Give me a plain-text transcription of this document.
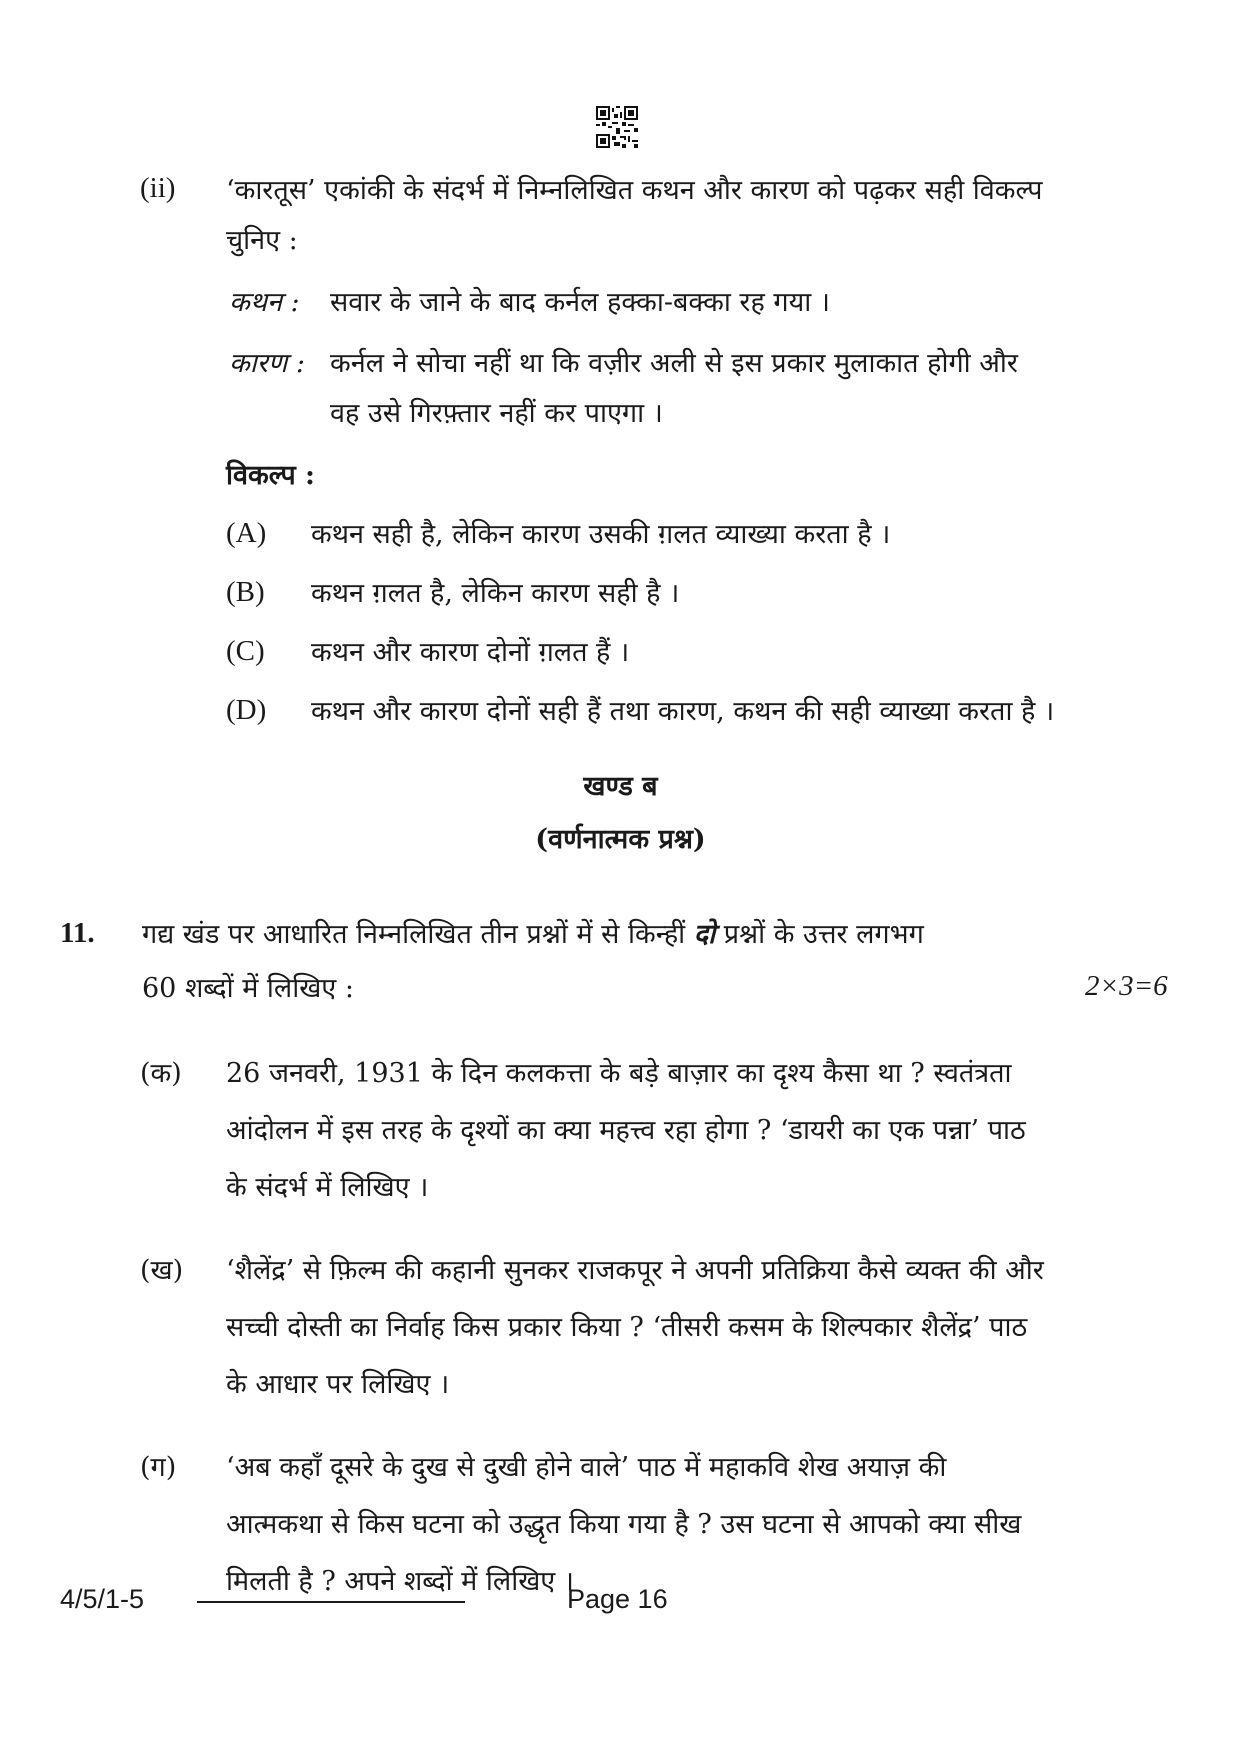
(ii) ‘कारतूस’ एकांकी के संदर्भ में निम्नलिखित कथन और कारण को पढ़कर सही विकल्प
चुनिए :
कथन : सवार के जाने के बाद कर्नल हक्का-बक्का रह गया ।
कारण : कर्नल ने सोचा नहीं था कि वज़ीर अली से इस प्रकार मुलाकात होगी और
वह उसे गिरफ़्तार नहीं कर पाएगा ।
विकल्प :
(A) कथन सही है, लेकिन कारण उसकी ग़लत व्याख्या करता है ।
(B) कथन ग़लत है, लेकिन कारण सही है ।
(C) कथन और कारण दोनों ग़लत हैं ।
(D) कथन और कारण दोनों सही हैं तथा कारण, कथन की सही व्याख्या करता है ।
खण्ड ब
(वर्णनात्मक प्रश्न)
11. गद्य खंड पर आधारित निम्नलिखित तीन प्रश्नों में से किन्हीं दो प्रश्नों के उत्तर लगभग
60 शब्दों में लिखिए :	2×3=6
(क) 26 जनवरी, 1931 के दिन कलकत्ता के बड़े बाज़ार का दृश्य कैसा था ? स्वतंत्रता
आंदोलन में इस तरह के दृश्यों का क्या महत्त्व रहा होगा ? ‘डायरी का एक पन्ना’ पाठ
के संदर्भ में लिखिए ।
(ख) ‘शैलेंद्र’ से फ़िल्म की कहानी सुनकर राजकपूर ने अपनी प्रतिक्रिया कैसे व्यक्त की और
सच्ची दोस्ती का निर्वाह किस प्रकार किया ? ‘तीसरी कसम के शिल्पकार शैलेंद्र’ पाठ
के आधार पर लिखिए ।
(ग) ‘अब कहाँ दूसरे के दुख से दुखी होने वाले’ पाठ में महाकवि शेख अयाज़ की
आत्मकथा से किस घटना को उद्धृत किया गया है ? उस घटना से आपको क्या सीख
मिलती है ? अपने शब्दों में लिखिए ।
4/5/1-5	Page 16
